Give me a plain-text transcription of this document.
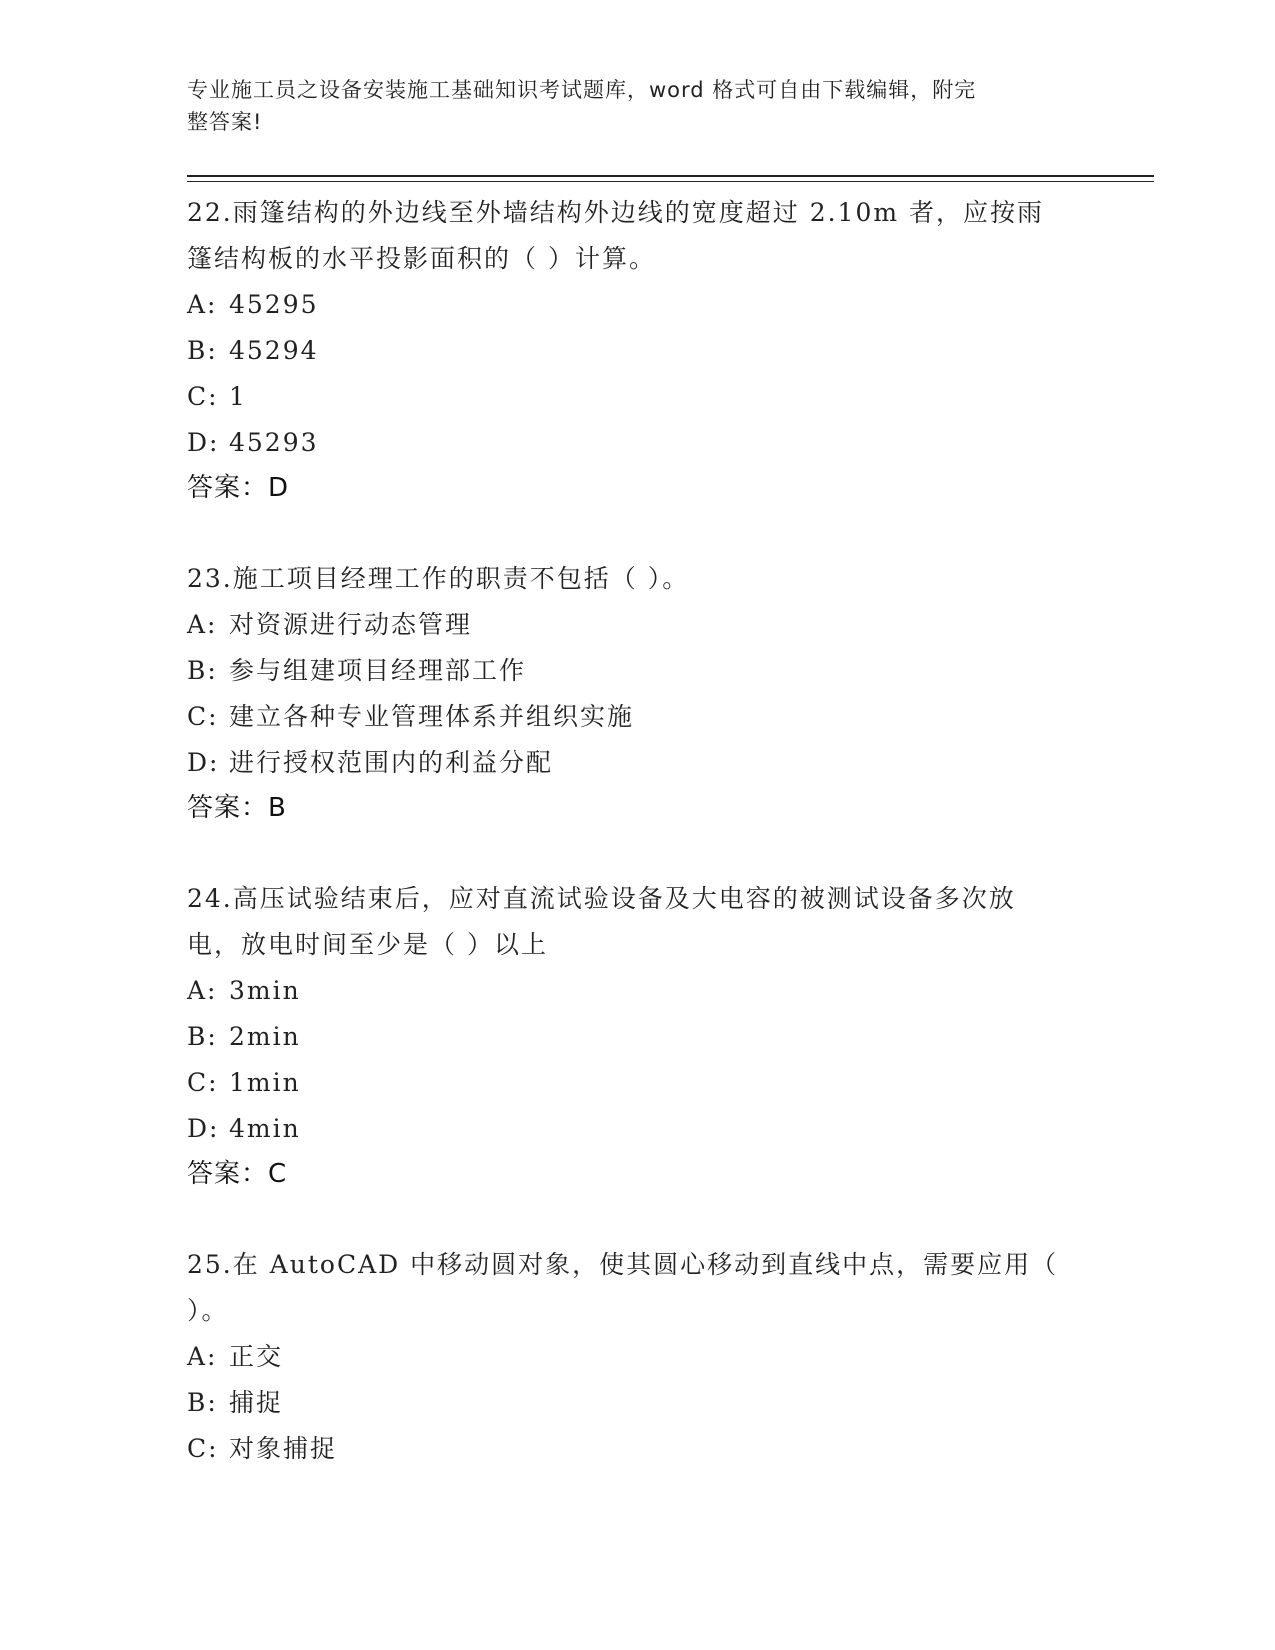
专业施工员之设备安装施工基础知识考试题库，word 格式可自由下载编辑，附完
整答案!
22.雨篷结构的外边线至外墙结构外边线的宽度超过 2.10m 者，应按雨
篷结构板的水平投影面积的（ ）计算。
A: 45295
B: 45294
C: 1
D: 45293
答案：D
23.施工项目经理工作的职责不包括（ ）。
A: 对资源进行动态管理
B: 参与组建项目经理部工作
C: 建立各种专业管理体系并组织实施
D: 进行授权范围内的利益分配
答案：B
24.高压试验结束后，应对直流试验设备及大电容的被测试设备多次放
电，放电时间至少是（ ）以上
A: 3min
B: 2min
C: 1min
D: 4min
答案：C
25.在 AutoCAD 中移动圆对象，使其圆心移动到直线中点，需要应用（
）。
A: 正交
B: 捕捉
C: 对象捕捉
